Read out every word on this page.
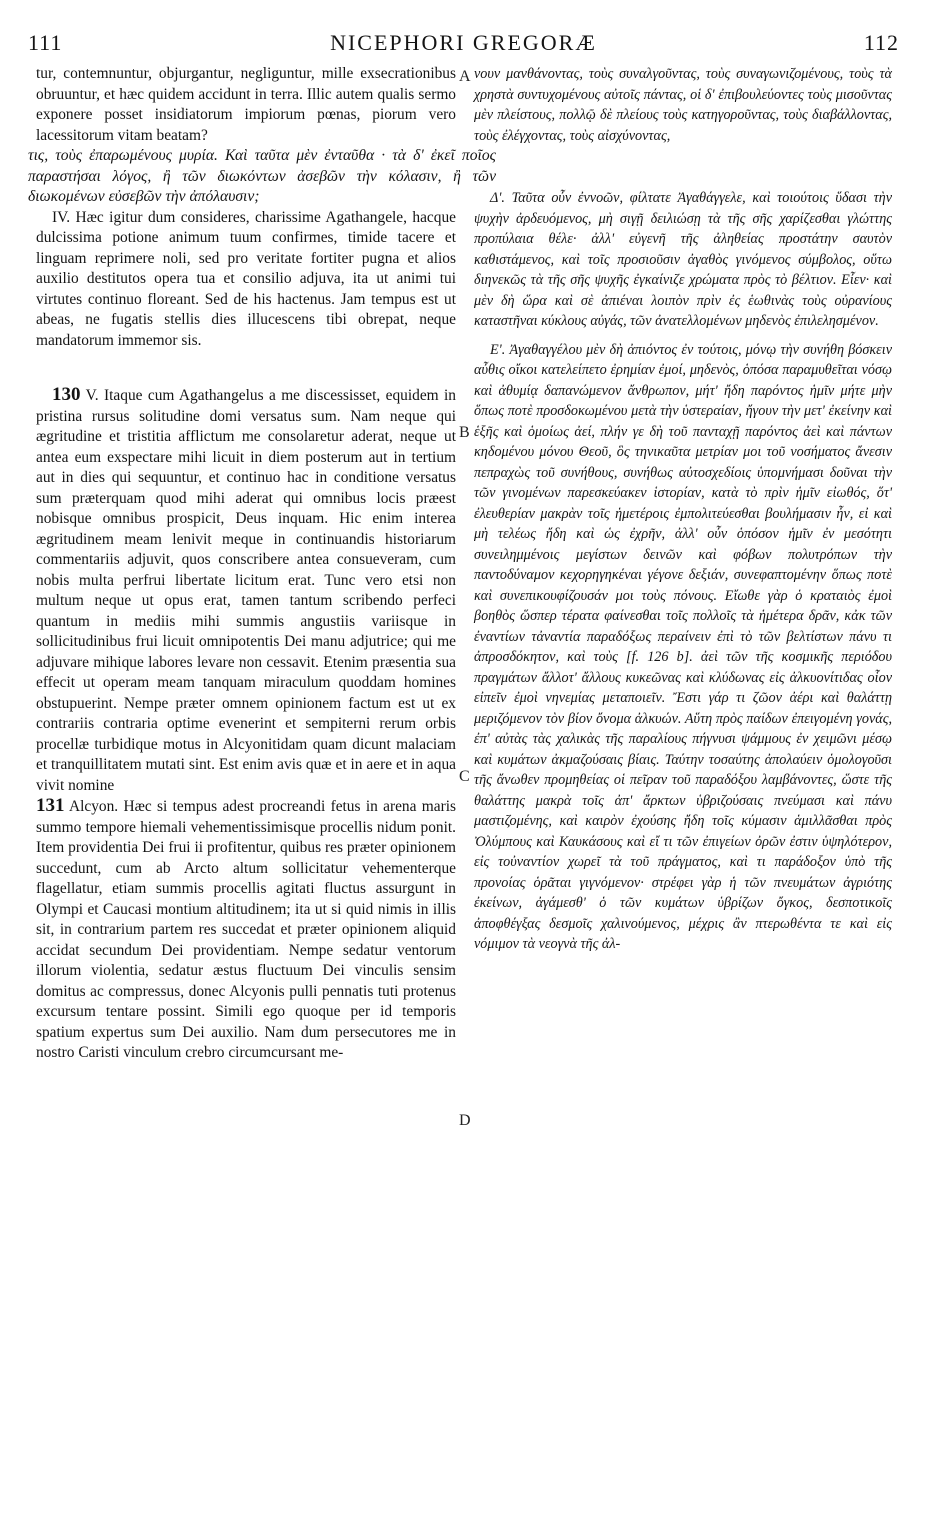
111	NICEPHORI GREGORÆ	112

tur, contemnuntur, objurgantur, negliguntur, mille exsecrationibus obruuntur, et hæc quidem accidunt in terra. Illic autem qualis sermo exponere posset insidiatorum impiorum pœnas, piorum vero lacessitorum vitam beatam?

τις, τοὺς ἐπαρωμένους μυρία. Καὶ ταῦτα μὲν ἐνταῦθα · τὰ δ' ἐκεῖ ποῖος παραστήσαι λόγος, ἢ τῶν διωκόντων ἀσεβῶν τὴν κόλασιν, ἢ τῶν διωκομένων εὐσεβῶν τὴν ἀπόλαυσιν;

IV. Hæc igitur dum consideres, charissime Agathangele, hacque dulcissima potione animum tuum confirmes, timide tacere et linguam reprimere noli, sed pro veritate fortiter pugna et alios auxilio destitutos opera tua et consilio adjuva, ita ut animi tui virtutes continuo floreant. Sed de his hactenus. Jam tempus est ut abeas, ne fugatis stellis dies illucescens tibi obrepat, neque mandatorum immemor sis.

130 V. Itaque cum Agathangelus a me discessisset, equidem in pristina rursus solitudine domi versatus sum. Nam neque qui ægritudine et tristitia afflictum me consolaretur aderat, neque ut antea eum exspectare mihi licuit in diem posterum aut in tertium aut in dies qui sequuntur, et continuo hac in conditione versatus sum præterquam quod mihi aderat qui omnibus locis præest nobisque omnibus prospicit, Deus inquam. Hic enim interea ægritudinem meam lenivit meque in continuandis historiarum commentariis adjuvit, quos conscribere antea consueveram, cum nobis multa perfrui libertate licitum erat. Tunc vero etsi non multum neque ut opus erat, tamen tantum scribendo perfeci quantum in mediis mihi summis angustiis variisque in sollicitudinibus frui licuit omnipotentis Dei manu adjutrice; qui me adjuvare mihique labores levare non cessavit. Etenim præsentia sua effecit ut operam meam tanquam miraculum quoddam homines obstupuerint. Nempe præter omnem opinionem factum est ut ex contrariis contraria optime evenerint et sempiterni rerum orbis procellæ turbidique motus in Alcyonitidam quam dicunt malaciam et tranquillitatem mutati sint. Est enim avis quæ et in aere et in aqua vivit nomine

131 Alcyon. Hæc si tempus adest procreandi fetus in arena maris summo tempore hiemali vehementissimisque procellis nidum ponit. Item providentia Dei frui ii profitentur, quibus res præter opinionem succedunt, cum ab Arcto altum sollicitatur vehementerque flagellatur, etiam summis procellis agitati fluctus assurgunt in Olympi et Caucasi montium altitudinem; ita ut si quid nimis in illis sit, in contrarium partem res succedat et præter opinionem aliquid accidat secundum Dei providentiam. Nempe sedatur ventorum illorum violentia, sedatur æstus fluctuum Dei vinculis sensim domitus ac compressus, donec Alcyonis pulli pennatis tuti protenus excursum tentare possint. Simili ego quoque per id temporis spatium expertus sum Dei auxilio. Nam dum persecutores me in nostro Caristi vinculum crebro circumcursant me-

νουν μανθάνοντας, τοὺς συναλγοῦντας, τοὺς συναγωνιζομένους, τοὺς τὰ χρηστὰ συντυχομένους αὐτοῖς πάντας, οἱ δ' ἐπιβουλεύοντες τοὺς μισοῦντας μὲν πλείστους, πολλῷ δὲ πλείους τοὺς κατηγοροῦντας, τοὺς διαβάλλοντας, τοὺς ἐλέγχοντας, τοὺς αἰσχύνοντας,

Δ'. Ταῦτα οὖν ἐννοῶν, φίλτατε Ἀγαθάγγελε, καὶ τοιούτοις ὕδασι τὴν ψυχὴν ἀρδευόμενος, μὴ σιγῇ δειλιώσῃ τὰ τῆς σῆς χαρίζεσθαι γλώττης προπύλαια θέλε· ἀλλ' εὐγενῆ τῆς ἀληθείας προστάτην σαυτὸν καθιστάμενος, καὶ τοῖς προσιοῦσιν ἀγαθὸς γινόμενος σύμβολος, οὕτω διηνεκῶς τὰ τῆς σῆς ψυχῆς ἐγκαίνιζε χρώματα πρὸς τὸ βέλτιον. Εἶεν· καὶ μὲν δὴ ὥρα καὶ σὲ ἀπιέναι λοιπὸν πρὶν ἐς ἑωθινὰς τοὺς οὐρανίους καταστῆναι κύκλους αὐγάς, τῶν ἀνατελλομένων μηδενὸς ἐπιλελησμένον.

Ε'. Ἀγαθαγγέλου μὲν δὴ ἀπιόντος ἐν τούτοις, μόνῳ τὴν συνήθη βόσκειν αὖθις οἴκοι κατελείπετο ἐρημίαν ἐμοί, μηδενὸς, ὁπόσα παραμυθεῖται νόσῳ καὶ ἀθυμίᾳ δαπανώμενον ἄνθρωπον, μήτ' ἤδη παρόντος ἡμῖν μήτε μὴν ὅπως ποτὲ προσδοκωμένου μετὰ τὴν ὑστεραίαν, ἤγουν τὴν μετ' ἐκείνην καὶ ἑξῆς καὶ ὁμοίως ἀεί, πλήν γε δὴ τοῦ πανταχῇ παρόντος ἀεὶ καὶ πάντων κηδομένου μόνου Θεοῦ, ὃς τηνικαῦτα μετρίαν μοι τοῦ νοσήματος ἄνεσιν πεπραχὼς τοῦ συνήθους, συνήθως αὐτοσχεδίοις ὑπομνήμασι δοῦναι τὴν τῶν γινομένων παρεσκεύακεν ἱστορίαν, κατὰ τὸ πρὶν ἡμῖν εἰωθός, ὅτ' ἐλευθερίαν μακρὰν τοῖς ἡμετέροις ἐμπολιτεύεσθαι βουλήμασιν ἦν, εἰ καὶ μὴ τελέως ἤδη καὶ ὡς ἐχρῆν, ἀλλ' οὖν ὁπόσον ἡμῖν ἐν μεσότητι συνειλημμένοις μεγίστων δεινῶν καὶ φόβων πολυτρόπων τὴν παντοδύναμον κεχορηγηκέναι γέγονε δεξιάν, συνεφαπτομένην ὅπως ποτὲ καὶ συνεπικουφίζουσάν μοι τοὺς πόνους. Εἴωθε γὰρ ὁ κραταιὸς ἐμοὶ βοηθὸς ὥσπερ τέρατα φαίνεσθαι τοῖς πολλοῖς τὰ ἡμέτερα δρᾶν, κἀκ τῶν ἐναντίων τἀναντία παραδόξως περαίνειν ἐπὶ τὸ τῶν βελτίστων πάνυ τι ἀπροσδόκητον, καὶ τοὺς [f. 126 b]. ἀεὶ τῶν τῆς κοσμικῆς περιόδου πραγμάτων ἄλλοτ' ἄλλους κυκεῶνας καὶ κλύδωνας εἰς ἀλκυονίτιδας οἷον εἰπεῖν ἐμοὶ νηνεμίας μεταποιεῖν. Ἔστι γάρ τι ζῶον ἀέρι καὶ θαλάττῃ μεριζόμενον τὸν βίον ὄνομα ἀλκυών. Αὕτη πρὸς παίδων ἐπειγομένη γονάς, ἐπ' αὐτὰς τὰς χαλικὰς τῆς παραλίους πήγνυσι ψάμμους ἐν χειμῶνι μέσῳ καὶ κυμάτων ἀκμαζούσαις βίαις. Ταύτην τοσαύτης ἀπολαύειν ὁμολογοῦσι τῆς ἄνωθεν προμηθείας οἱ πεῖραν τοῦ παραδόξου λαμβάνοντες, ὥστε τῆς θαλάττης μακρὰ τοῖς ἀπ' ἄρκτων ὑβριζούσαις πνεύμασι καὶ πάνυ μαστιζομένης, καὶ καιρὸν ἐχούσης ἤδη τοῖς κύμασιν ἁμιλλᾶσθαι πρὸς Ὀλύμπους καὶ Καυκάσους καὶ εἴ τι τῶν ἐπιγείων ὀρῶν ἐστιν ὑψηλότερον, εἰς τοὐναντίον χωρεῖ τὰ τοῦ πράγματος, καὶ τι παράδοξον ὑπὸ τῆς προνοίας ὁρᾶται γιγνόμενον· στρέφει γὰρ ἡ τῶν πνευμάτων ἀγριότης ἐκείνων, ἀγάμεσθ' ὁ τῶν κυμάτων ὑβρίζων ὄγκος, δεσποτικοῖς ἀποφθέγξας δεσμοῖς χαλινούμενος, μέχρις ἂν πτερωθέντα τε καὶ εἰς νόμιμον τὰ νεογνὰ τῆς ἀλ-

A
B
C
D
